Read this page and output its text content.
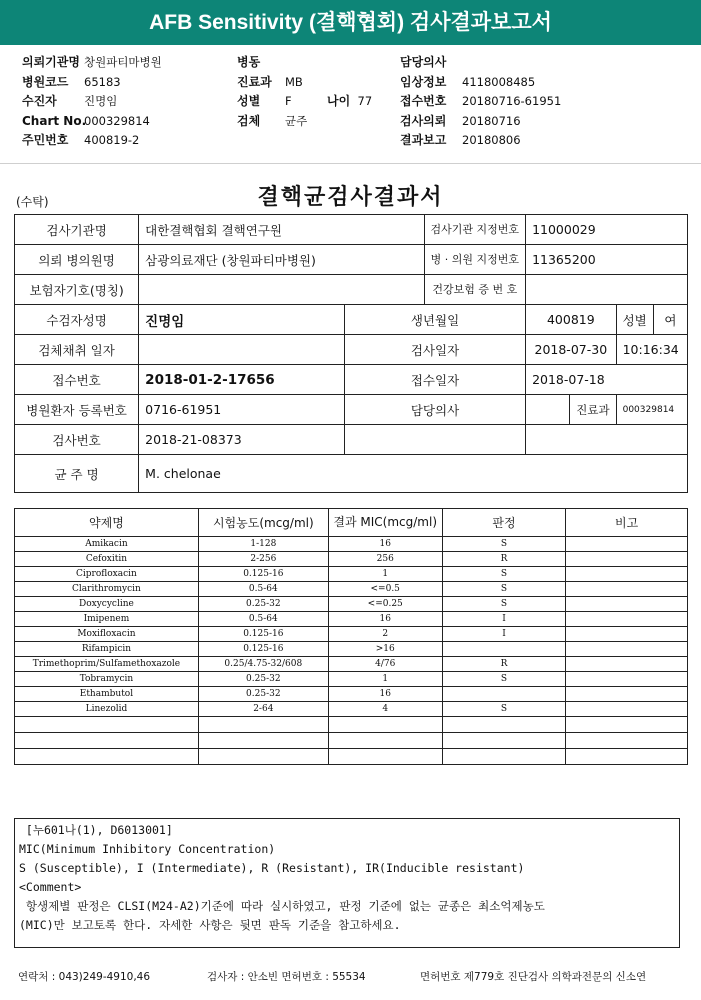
AFB Sensitivity (결핵협회) 검사결과보고서
의뢰기관명 창원파티마병원
병원코드 65183
수진자 진명임
Chart No.000329814
주민번호 400819-2
병동
진료과 MB
성별 F
검체 균주
담당의사
임상정보 4118008485
접수번호 20180716-61951
검사의뢰 20180716
결과보고 20180806
나이 77
(수탁)	결핵균검사결과서
검사기관명	대한결핵협회 결핵연구원		검사기관 지정번호	11000029			
의뢰 병의원명	삼광의료재단 (창원파티마병원)		병 · 의원 지정번호	11365200			
보험자기호(명칭)			건강보험 증 번 호				
수검자성명	진명임	생년월일		400819		성별	여
검체채취 일자		검사일자		2018-07-30		10:16:34	
접수번호	2018-01-2-17656	접수일자		2018-07-18			
병원환자 등록번호	0716-61951	담당의사			진료과	000329814	
검사번호	2018-21-08373						
균 주 명	M. chelonae						
약제명	시험농도(mcg/ml)	결과 MIC(mcg/ml)	판정	비고
Amikacin	1-128	16	S	
Cefoxitin	2-256	256	R	
Ciprofloxacin	0.125-16	1	S	
Clarithromycin	0.5-64	<=0.5	S	
Doxycycline	0.25-32	<=0.25	S	
Imipenem	0.5-64	16	I	
Moxifloxacin	0.125-16	2	I	
Rifampicin	0.125-16	>16		
Trimethoprim/Sulfamethoxazole	0.25/4.75-32/608	4/76	R	
Tobramycin	0.25-32	1	S	
Ethambutol	0.25-32	16		
Linezolid	2-64	4	S	

[누601나(1), D6013001]
MIC(Minimum Inhibitory Concentration)
S (Susceptible), I (Intermediate), R (Resistant), IR(Inducible resistant)
<Comment>
항생제별 판정은 CLSI(M24-A2)기준에 따라 실시하였고, 판정 기준에 없는 균종은 최소억제농도
(MIC)만 보고토록 한다. 자세한 사항은 뒷면 판독 기준을 참고하세요.
연락처 : 043)249-4910,46	검사자 : 안소빈 면허번호 : 55534	면허번호 제779호 진단검사 의학과전문의 신소연
